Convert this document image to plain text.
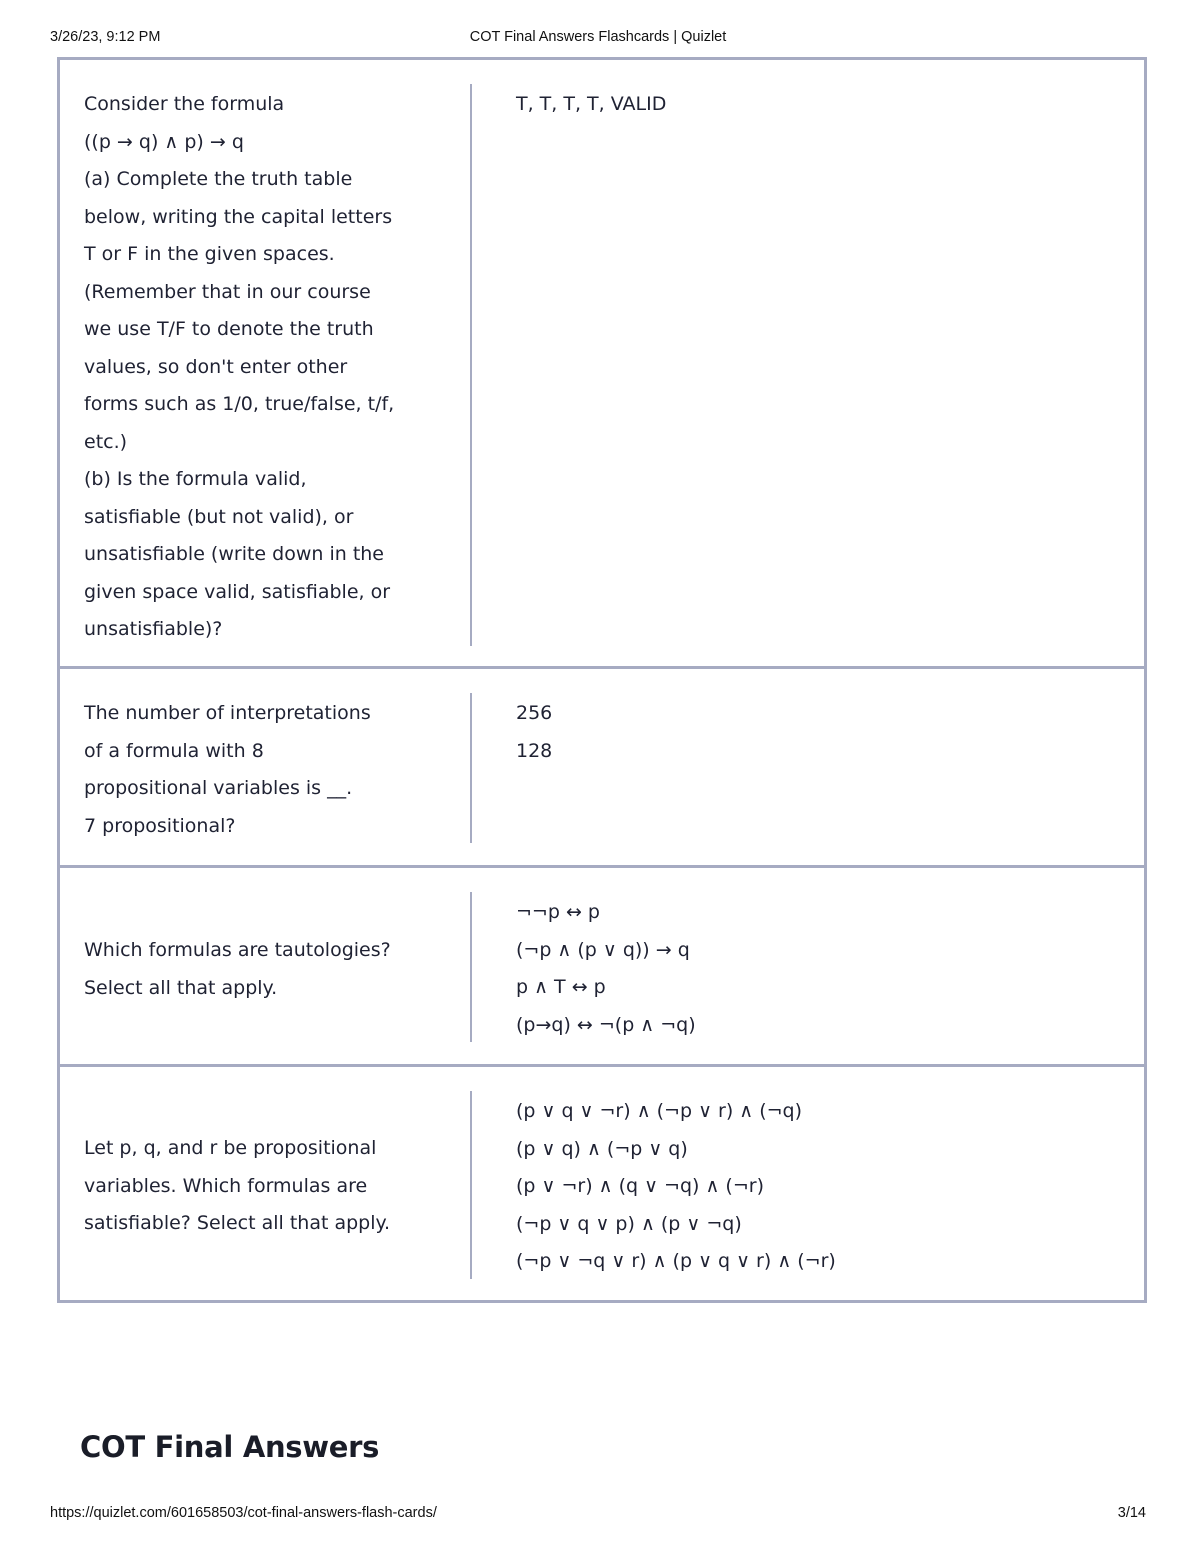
3/26/23, 9:12 PM	COT Final Answers Flashcards | Quizlet
Consider the formula
((p → q) ∧ p) → q
(a) Complete the truth table
below, writing the capital letters
T or F in the given spaces.
(Remember that in our course
we use T/F to denote the truth
values, so don't enter other
forms such as 1/0, true/false, t/f,
etc.)
(b) Is the formula valid,
satisfiable (but not valid), or
unsatisfiable (write down in the
given space valid, satisfiable, or
unsatisfiable)?
T, T, T, T, VALID
The number of interpretations
of a formula with 8
propositional variables is __.
7 propositional?
256
128
Which formulas are tautologies?
Select all that apply.
¬¬p ↔ p
(¬p ∧ (p ∨ q)) → q
p ∧ T ↔ p
(p→q) ↔ ¬(p ∧ ¬q)
Let p, q, and r be propositional
variables. Which formulas are
satisfiable? Select all that apply.
(p ∨ q ∨ ¬r) ∧ (¬p ∨ r) ∧ (¬q)
(p ∨ q) ∧ (¬p ∨ q)
(p ∨ ¬r) ∧ (q ∨ ¬q) ∧ (¬r)
(¬p ∨ q ∨ p) ∧ (p ∨ ¬q)
(¬p ∨ ¬q ∨ r) ∧ (p ∨ q ∨ r) ∧ (¬r)
COT Final Answers
https://quizlet.com/601658503/cot-final-answers-flash-cards/	3/14
